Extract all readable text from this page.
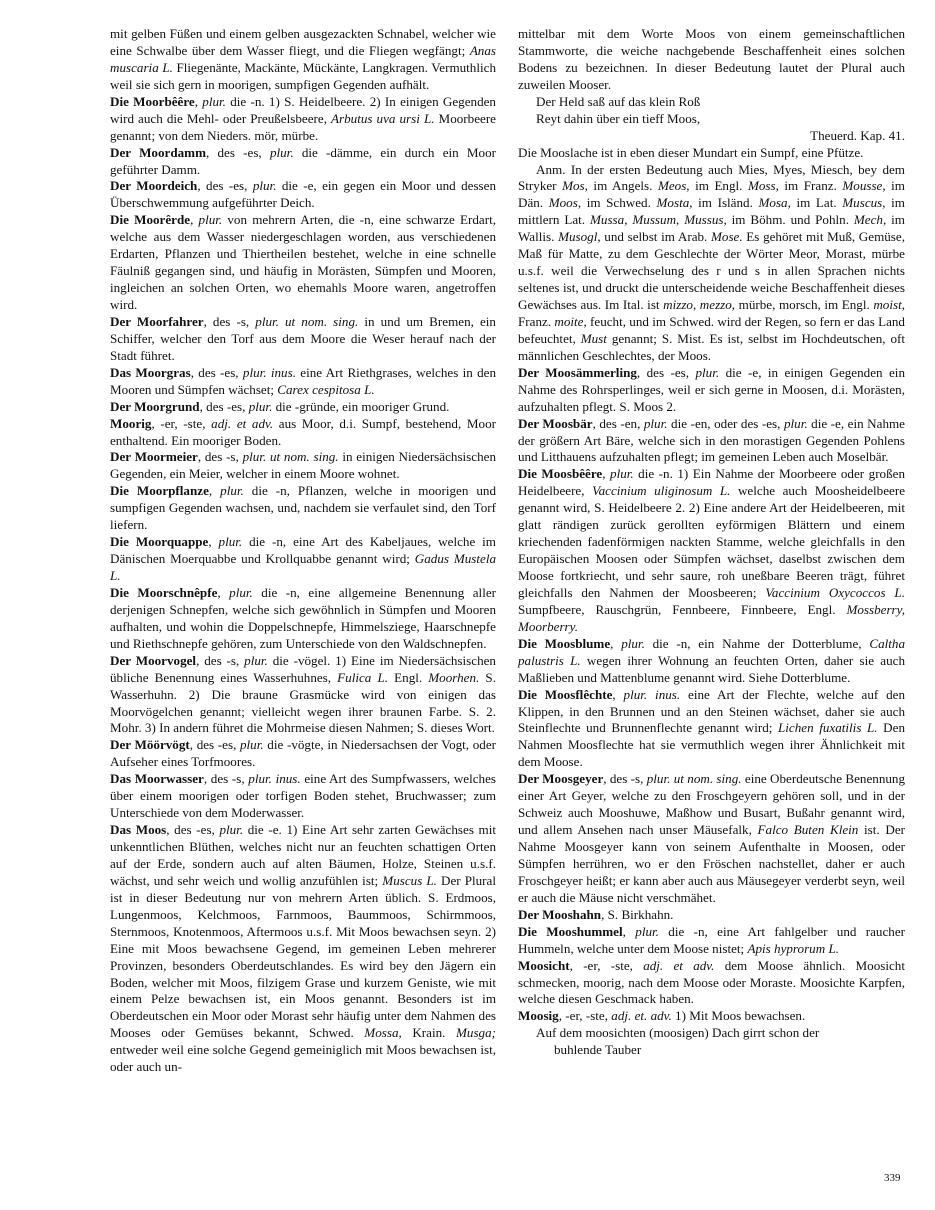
mit gelben Füßen und einem gelben ausgezackten Schnabel, welcher wie eine Schwalbe über dem Wasser fliegt, und die Fliegen wegfängt; Anas muscaria L. Fliegenänte, Mackänte, Mückänte, Langkragen. Vermuthlich weil sie sich gern in moorigen, sumpfigen Gegenden aufhält.

Die Moorbêêre, plur. die -n. 1) S. Heidelbeere. 2) In einigen Gegenden wird auch die Mehl- oder Preußelsbeere, Arbutus uva ursi L. Moorbeere genannt; von dem Nieders. mör, mürbe.

Der Moordamm, des -es, plur. die -dämme, ein durch ein Moor geführter Damm.

Der Moordeich, des -es, plur. die -e, ein gegen ein Moor und dessen Überschwemmung aufgeführter Deich.

Die Moorêrde, plur. von mehrern Arten, die -n, eine schwarze Erdart, welche aus dem Wasser niedergeschlagen worden, aus verschiedenen Erdarten, Pflanzen und Thiertheilen bestehet, welche in eine schnelle Fäulniß gegangen sind, und häufig in Morästen, Sümpfen und Mooren, ingleichen an solchen Orten, wo ehemahls Moore waren, angetroffen wird.

Der Moorfahrer, des -s, plur. ut nom. sing. in und um Bremen, ein Schiffer, welcher den Torf aus dem Moore die Weser herauf nach der Stadt führet.

Das Moorgras, des -es, plur. inus. eine Art Riethgrases, welches in den Mooren und Sümpfen wächset; Carex cespitosa L.

Der Moorgrund, des -es, plur. die -gründe, ein mooriger Grund.

Moorig, -er, -ste, adj. et adv. aus Moor, d.i. Sumpf, bestehend, Moor enthaltend. Ein mooriger Boden.

Der Moormeier, des -s, plur. ut nom. sing. in einigen Niedersächsischen Gegenden, ein Meier, welcher in einem Moore wohnet.

Die Moorpflanze, plur. die -n, Pflanzen, welche in moorigen und sumpfigen Gegenden wachsen, und, nachdem sie verfaulet sind, den Torf liefern.

Die Moorquappe, plur. die -n, eine Art des Kabeljaues, welche im Dänischen Moerquabbe und Krollquabbe genannt wird; Gadus Mustela L.

Die Moorschnêpfe, plur. die -n, eine allgemeine Benennung aller derjenigen Schnepfen, welche sich gewöhnlich in Sümpfen und Mooren aufhalten, und wohin die Doppelschnepfe, Himmelsziege, Haarschnepfe und Riethschnepfe gehören, zum Unterschiede von den Waldschnepfen.

Der Moorvogel, des -s, plur. die -vögel. 1) Eine im Niedersächsischen übliche Benennung eines Wasserhuhnes, Fulica L. Engl. Moorhen. S. Wasserhuhn. 2) Die braune Grasmücke wird von einigen das Moorvögelchen genannt; vielleicht wegen ihrer braunen Farbe. S. 2. Mohr. 3) In andern führet die Mohrmeise diesen Nahmen; S. dieses Wort.

Der Möörvögt, des -es, plur. die -vögte, in Niedersachsen der Vogt, oder Aufseher eines Torfmoores.

Das Moorwasser, des -s, plur. inus. eine Art des Sumpfwassers, welches über einem moorigen oder torfigen Boden stehet, Bruchwasser; zum Unterschiede von dem Moderwasser.

Das Moos, des -es, plur. die -e. 1) Eine Art sehr zarten Gewächses mit unkenntlichen Blüthen, welches nicht nur an feuchten schattigen Orten auf der Erde, sondern auch auf alten Bäumen, Holze, Steinen u.s.f. wächst, und sehr weich und wollig anzufühlen ist; Muscus L. Der Plural ist in dieser Bedeutung nur von mehrern Arten üblich. S. Erdmoos, Lungenmoos, Kelchmoos, Farnmoos, Baummoos, Schirmmoos, Sternmoos, Knotenmoos, Aftermoos u.s.f. Mit Moos bewachsen seyn. 2) Eine mit Moos bewachsene Gegend, im gemeinen Leben mehrerer Provinzen, besonders Oberdeutschlandes. Es wird bey den Jägern ein Boden, welcher mit Moos, filzigem Grase und kurzem Geniste, wie mit einem Pelze bewachsen ist, ein Moos genannt. Besonders ist im Oberdeutschen ein Moor oder Morast sehr häufig unter dem Nahmen des Mooses oder Gemüses bekannt, Schwed. Mossa, Krain. Musga; entweder weil eine solche Gegend gemeiniglich mit Moos bewachsen ist, oder auch un-

mittelbar mit dem Worte Moos von einem gemeinschaftlichen Stammworte, die weiche nachgebende Beschaffenheit eines solchen Bodens zu bezeichnen. In dieser Bedeutung lautet der Plural auch zuweilen Mooser.

Der Held saß auf das klein Roß

Reyt dahin über ein tieff Moos,

Theuerd. Kap. 41.

Die Mooslache ist in eben dieser Mundart ein Sumpf, eine Pfütze.

Anm. In der ersten Bedeutung auch Mies, Myes, Miesch, bey dem Stryker Mos, im Angels. Meos, im Engl. Moss, im Franz. Mousse, im Dän. Moos, im Schwed. Mosta, im Isländ. Mosa, im Lat. Muscus, im mittlern Lat. Mussa, Mussum, Mussus, im Böhm. und Pohln. Mech, im Wallis. Musogl, und selbst im Arab. Mose. Es gehöret mit Muß, Gemüse, Maß für Matte, zu dem Geschlechte der Wörter Meor, Morast, mürbe u.s.f. weil die Verwechselung des r und s in allen Sprachen nichts seltenes ist, und druckt die unterscheidende weiche Beschaffenheit dieses Gewächses aus. Im Ital. ist mizzo, mezzo, mürbe, morsch, im Engl. moist, Franz. moite, feucht, und im Schwed. wird der Regen, so fern er das Land befeuchtet, Must genannt; S. Mist. Es ist, selbst im Hochdeutschen, oft männlichen Geschlechtes, der Moos.

Der Moosämmerling, des -es, plur. die -e, in einigen Gegenden ein Nahme des Rohrsperlinges, weil er sich gerne in Moosen, d.i. Morästen, aufzuhalten pflegt. S. Moos 2.

Der Moosbär, des -en, plur. die -en, oder des -es, plur. die -e, ein Nahme der größern Art Bäre, welche sich in den morastigen Gegenden Pohlens und Litthauens aufzuhalten pflegt; im gemeinen Leben auch Moselbär.

Die Moosbêêre, plur. die -n. 1) Ein Nahme der Moorbeere oder großen Heidelbeere, Vaccinium uliginosum L. welche auch Moosheidelbeere genannt wird, S. Heidelbeere 2. 2) Eine andere Art der Heidelbeeren, mit glatt rändigen zurück gerollten eyförmigen Blättern und einem kriechenden fadenförmigen nackten Stamme, welche gleichfalls in den Europäischen Moosen oder Sümpfen wächset, daselbst zwischen dem Moose fortkriecht, und sehr saure, roh uneßbare Beeren trägt, führet gleichfalls den Nahmen der Moosbeeren; Vaccinium Oxycoccos L. Sumpfbeere, Rauschgrün, Fennbeere, Finnbeere, Engl. Mossberry, Moorberry.

Die Moosblume, plur. die -n, ein Nahme der Dotterblume, Caltha palustris L. wegen ihrer Wohnung an feuchten Orten, daher sie auch Maßlieben und Mattenblume genannt wird. Siehe Dotterblume.

Die Moosflêchte, plur. inus. eine Art der Flechte, welche auf den Klippen, in den Brunnen und an den Steinen wächset, daher sie auch Steinflechte und Brunnenflechte genannt wird; Lichen fuxatilis L. Den Nahmen Moosflechte hat sie vermuthlich wegen ihrer Ähnlichkeit mit dem Moose.

Der Moosgeyer, des -s, plur. ut nom. sing. eine Oberdeutsche Benennung einer Art Geyer, welche zu den Froschgeyern gehören soll, und in der Schweiz auch Mooshuwe, Maßhow und Busart, Bußahr genannt wird, und allem Ansehen nach unser Mäusefalk, Falco Buten Klein ist. Der Nahme Moosgeyer kann von seinem Aufenthalte in Moosen, oder Sümpfen herrühren, wo er den Fröschen nachstellet, daher er auch Froschgeyer heißt; er kann aber auch aus Mäusegeyer verderbt seyn, weil er auch die Mäuse nicht verschmähet.

Der Mooshahn, S. Birkhahn.

Die Mooshummel, plur. die -n, eine Art fahlgelber und raucher Hummeln, welche unter dem Moose nistet; Apis hyprorum L.

Moosicht, -er, -ste, adj. et adv. dem Moose ähnlich. Moosicht schmecken, moorig, nach dem Moose oder Moraste. Moosichte Karpfen, welche diesen Geschmack haben.

Moosig, -er, -ste, adj. et. adv. 1) Mit Moos bewachsen.

Auf dem moosichten (moosigen) Dach girrt schon der

buhlende Tauber

339
